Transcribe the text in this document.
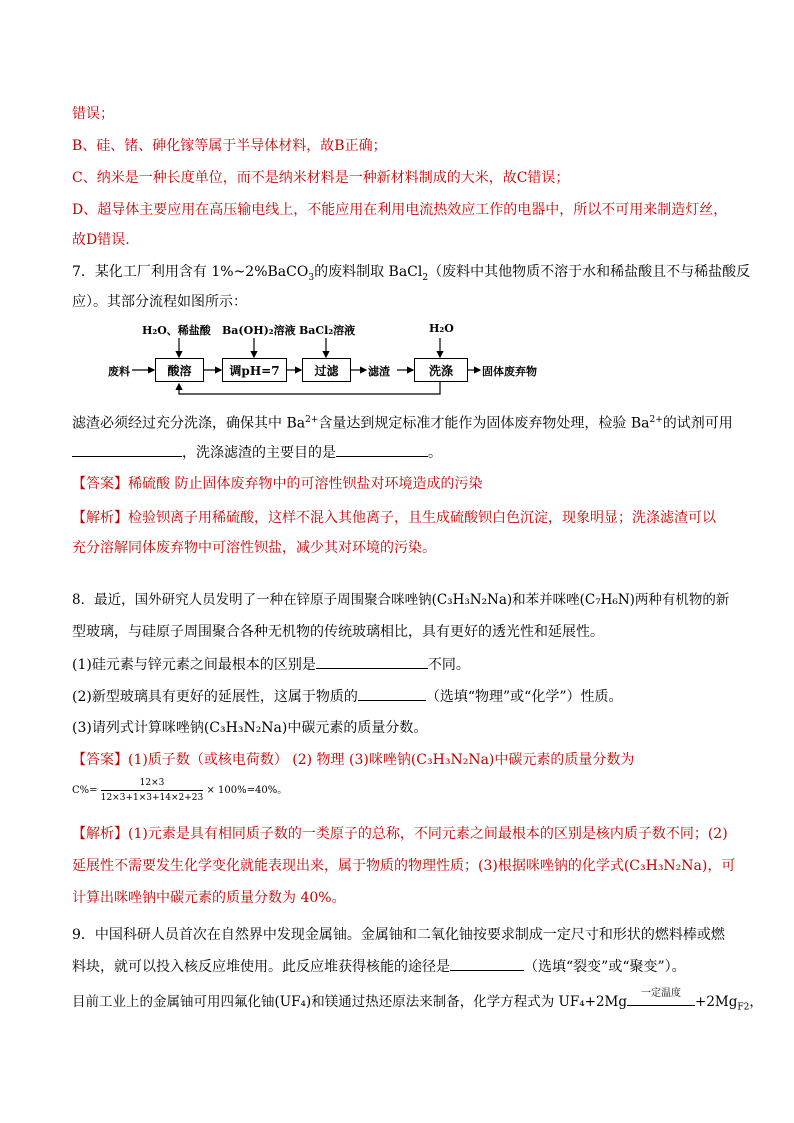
错误；
B、硅、锗、砷化镓等属于半导体材料，故B正确；
C、纳米是一种长度单位，而不是纳米材料是一种新材料制成的大米，故C错误；
D、超导体主要应用在高压输电线上，不能应用在利用电流热效应工作的电器中，所以不可用来制造灯丝，
故D错误.
7．某化工厂利用含有 1%~2%BaCO$_3$的废料制取 BaCl$_2$（废料中其他物质不溶于水和稀盐酸且不与稀盐酸反
应）。其部分流程如图所示：
废料	酸溶	调pH=7	过滤	滤渣	洗涤	固体废弃物
H₂O、稀盐酸 Ba(OH)₂溶液 BaCl₂溶液	H₂O
滤渣必须经过充分洗涤，确保其中 $Ba^{2+}$含量达到规定标准才能作为固体废弃物处理，检验 $Ba^{2+}$的试剂可用
，洗涤滤渣的主要目的是	。
【答案】稀硫酸 防止固体废弃物中的可溶性钡盐对环境造成的污染
【解析】检验钡离子用稀硫酸，这样不混入其他离子，且生成硫酸钡白色沉淀，现象明显；洗涤滤渣可以
充分溶解同体废弃物中可溶性钡盐，减少其对环境的污染。
8．最近，国外研究人员发明了一种在锌原子周围聚合咪唑钠(C₃H₃N₂Na)和苯并咪唑(C₇H₆N)两种有机物的新
型玻璃，与硅原子周围聚合各种无机物的传统玻璃相比，具有更好的透光性和延展性。
(1)硅元素与锌元素之间最根本的区别是	不同。
(2)新型玻璃具有更好的延展性，这属于物质的	（选填“物理”或“化学”）性质。
(3)请列式计算咪唑钠(C₃H₃N₂Na)中碳元素的质量分数。
【答案】(1)质子数（或核电荷数） (2) 物理 (3)咪唑钠(C₃H₃N₂Na)中碳元素的质量分数为
$C\%= \frac{12\times 3}{12\times 3+1\times 3+14\times 2+23} \times 100\%=40\%$。
【解析】(1)元素是具有相同质子数的一类原子的总称，不同元素之间最根本的区别是核内质子数不同；(2)
延展性不需要发生化学变化就能表现出来，属于物质的物理性质；(3)根据咪唑钠的化学式(C₃H₃N₂Na)，可
计算出咪唑钠中碳元素的质量分数为 40%。
9．中国科研人员首次在自然界中发现金属铀。金属铀和二氧化铀按要求制成一定尺寸和形状的燃料棒或燃
料块，就可以投入核反应堆使用。此反应堆获得核能的途径是	（选填“裂变”或“聚变”）。
目前工业上的金属铀可用四氟化铀(UF₄)和镁通过热还原法来制备，化学方程式为 UF₄+2Mg
一定温度
$+2Mg_{F2}$，
